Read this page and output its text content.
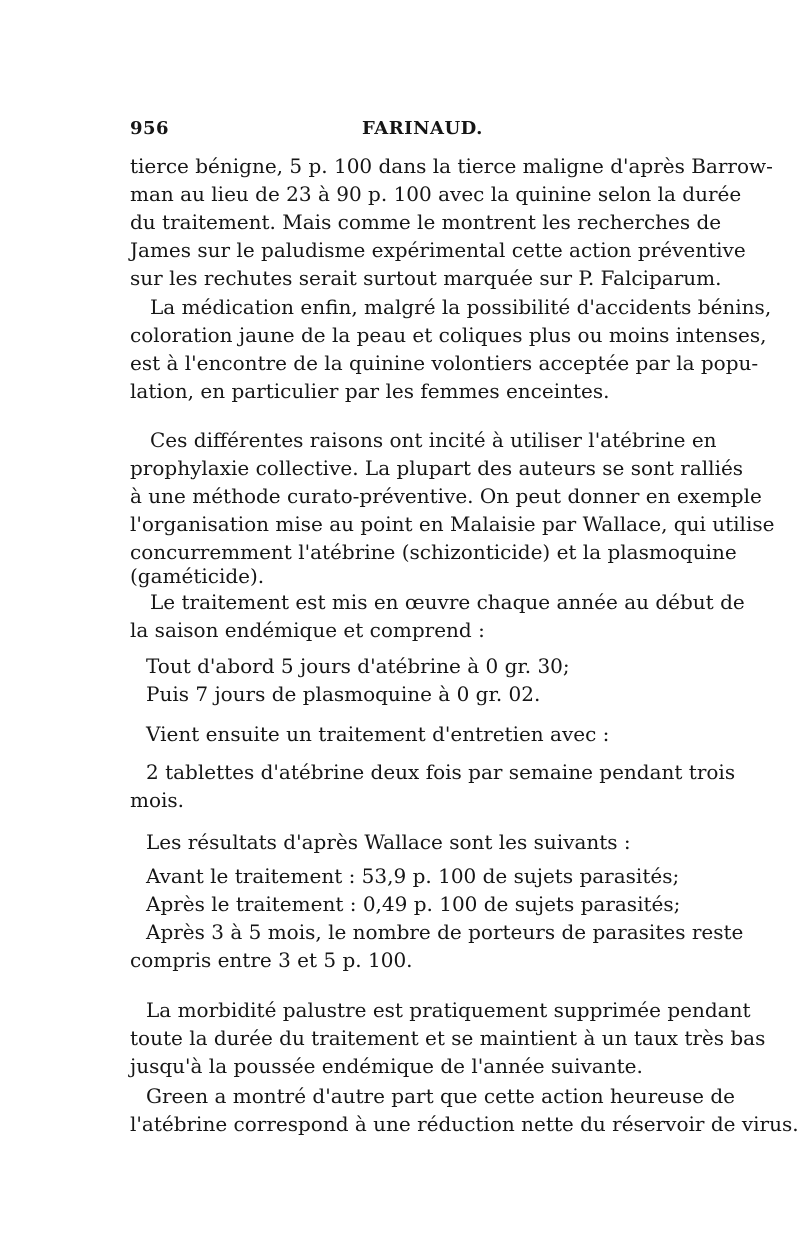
956	FARINAUD.
tierce bénigne, 5 p. 100 dans la tierce maligne d'après Barrow-
man au lieu de 23 à 90 p. 100 avec la quinine selon la durée
du traitement. Mais comme le montrent les recherches de
James sur le paludisme expérimental cette action préventive
sur les rechutes serait surtout marquée sur P. Falciparum.
La médication enfin, malgré la possibilité d'accidents bénins,
coloration jaune de la peau et coliques plus ou moins intenses,
est à l'encontre de la quinine volontiers acceptée par la popu-
lation, en particulier par les femmes enceintes.
Ces différentes raisons ont incité à utiliser l'atébrine en
prophylaxie collective. La plupart des auteurs se sont ralliés
à une méthode curato-préventive. On peut donner en exemple
l'organisation mise au point en Malaisie par Wallace, qui utilise
concurremment l'atébrine (schizonticide) et la plasmoquine
(gaméticide).
Le traitement est mis en œuvre chaque année au début de
la saison endémique et comprend :
Tout d'abord 5 jours d'atébrine à 0 gr. 30;
Puis 7 jours de plasmoquine à 0 gr. 02.
Vient ensuite un traitement d'entretien avec :
2 tablettes d'atébrine deux fois par semaine pendant trois
mois.
Les résultats d'après Wallace sont les suivants :
Avant le traitement : 53,9 p. 100 de sujets parasités;
Après le traitement : 0,49 p. 100 de sujets parasités;
Après 3 à 5 mois, le nombre de porteurs de parasites reste
compris entre 3 et 5 p. 100.
La morbidité palustre est pratiquement supprimée pendant
toute la durée du traitement et se maintient à un taux très bas
jusqu'à la poussée endémique de l'année suivante.
Green a montré d'autre part que cette action heureuse de
l'atébrine correspond à une réduction nette du réservoir de virus.
